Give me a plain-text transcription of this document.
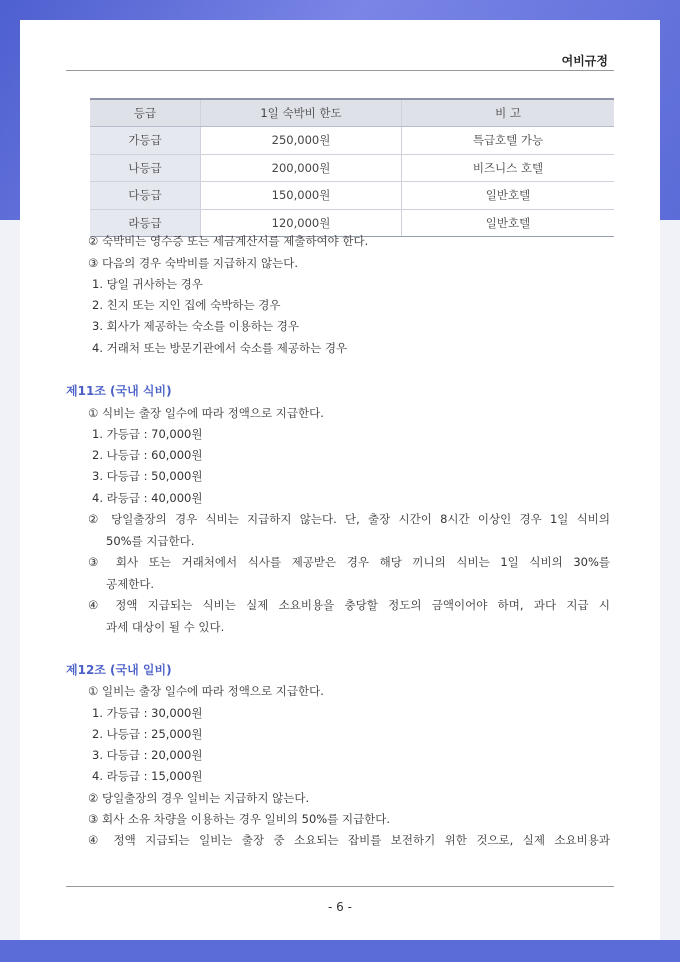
여비규정
등급	1일 숙박비 한도	비 고
가등급	250,000원	특급호텔 가능
나등급	200,000원	비즈니스 호텔
다등급	150,000원	일반호텔
라등급	120,000원	일반호텔
② 숙박비는 영수증 또는 세금계산서를 제출하여야 한다.
③ 다음의 경우 숙박비를 지급하지 않는다.
1. 당일 귀사하는 경우
2. 친지 또는 지인 집에 숙박하는 경우
3. 회사가 제공하는 숙소를 이용하는 경우
4. 거래처 또는 방문기관에서 숙소를 제공하는 경우
제11조 (국내 식비)
① 식비는 출장 일수에 따라 정액으로 지급한다.
1. 가등급 : 70,000원
2. 나등급 : 60,000원
3. 다등급 : 50,000원
4. 라등급 : 40,000원
② 당일출장의 경우 식비는 지급하지 않는다. 단, 출장 시간이 8시간 이상인 경우 1일 식비의
50%를 지급한다.
③ 회사 또는 거래처에서 식사를 제공받은 경우 해당 끼니의 식비는 1일 식비의 30%를
공제한다.
④ 정액 지급되는 식비는 실제 소요비용을 충당할 정도의 금액이어야 하며, 과다 지급 시
과세 대상이 될 수 있다.
제12조 (국내 일비)
① 일비는 출장 일수에 따라 정액으로 지급한다.
1. 가등급 : 30,000원
2. 나등급 : 25,000원
3. 다등급 : 20,000원
4. 라등급 : 15,000원
② 당일출장의 경우 일비는 지급하지 않는다.
③ 회사 소유 차량을 이용하는 경우 일비의 50%를 지급한다.
④ 정액 지급되는 일비는 출장 중 소요되는 잡비를 보전하기 위한 것으로, 실제 소요비용과
- 6 -
